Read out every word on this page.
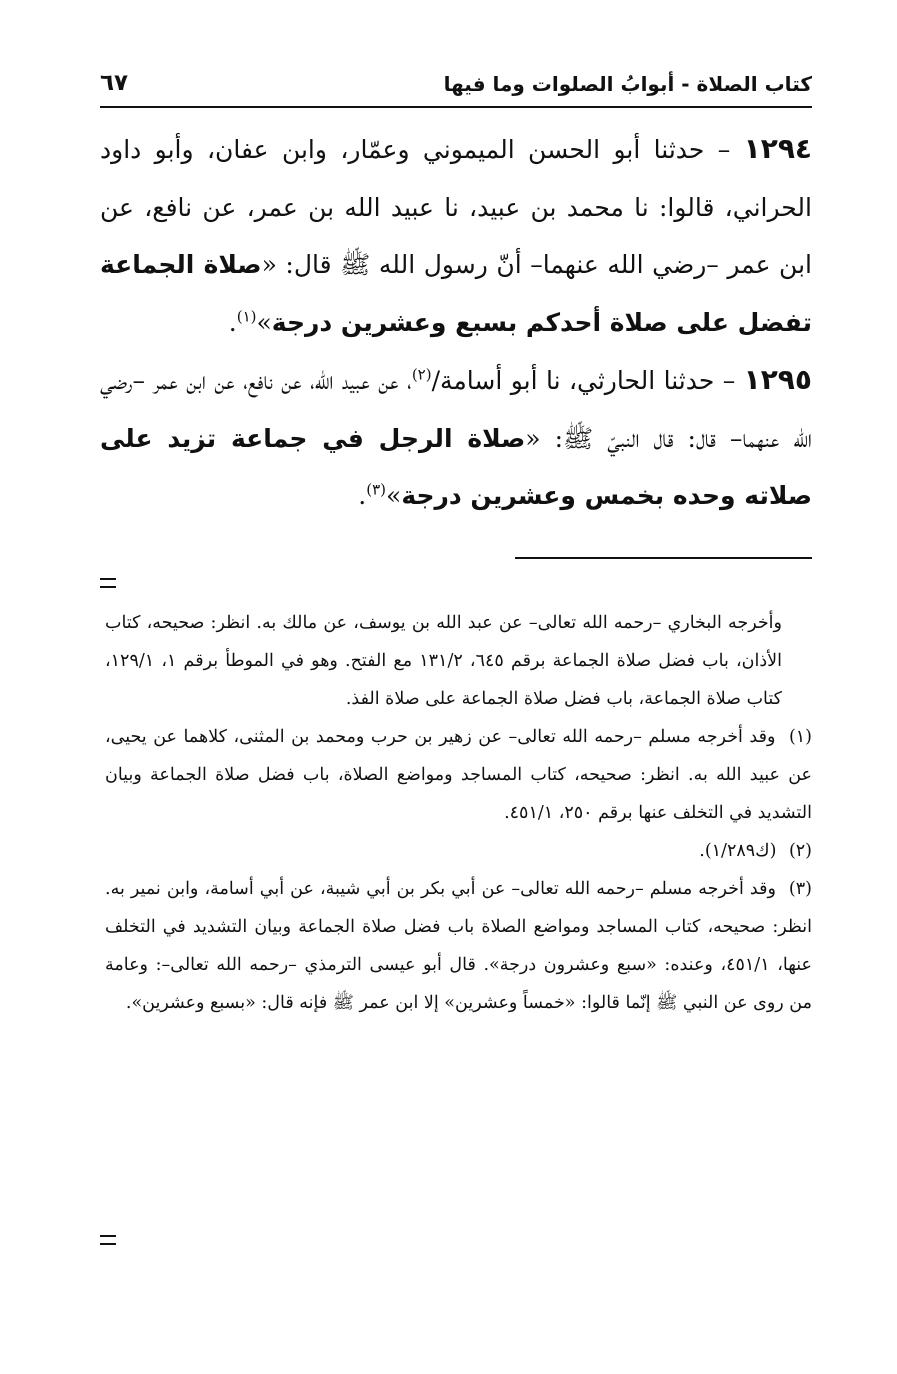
كتاب الصلاة - أبوابُ الصلوات وما فيها
٦٧

١٢٩٤ – حدثنا أبو الحسن الميموني وعمّار، وابن عفان، وأبو داود الحراني، قالوا: نا محمد بن عبيد، نا عبيد الله بن عمر، عن نافع، عن ابن عمر –رضي الله عنهما– أنّ رسول الله ﷺ قال: «صلاة الجماعة تفضل على صلاة أحدكم بسبع وعشرين درجة»$^{(١)}$.

١٢٩٥ – حدثنا الحارثي، نا أبو أسامة/$^{(٢)}$، عن عبيد الله، عن نافع، عن ابن عمر –رضي الله عنهما– قال: قال النبيّ ﷺ: «صلاة الرجل في جماعة تزيد على صلاته وحده بخمس وعشرين درجة»$^{(٣)}$.

وأخرجه البخاري –رحمه الله تعالى– عن عبد الله بن يوسف، عن مالك به. انظر: صحيحه، كتاب الأذان، باب فضل صلاة الجماعة برقم ٦٤٥، ١٣١/٢ مع الفتح. وهو في الموطأ برقم ١، ١٢٩/١، كتاب صلاة الجماعة، باب فضل صلاة الجماعة على صلاة الفذ.

(١) وقد أخرجه مسلم –رحمه الله تعالى– عن زهير بن حرب ومحمد بن المثنى، كلاهما عن يحيى، عن عبيد الله به. انظر: صحيحه، كتاب المساجد ومواضع الصلاة، باب فضل صلاة الجماعة وبيان التشديد في التخلف عنها برقم ٢٥٠، ٤٥١/١.

(٢) (ك١/٢٨٩).

(٣) وقد أخرجه مسلم –رحمه الله تعالى– عن أبي بكر بن أبي شيبة، عن أبي أسامة، وابن نمير به. انظر: صحيحه، كتاب المساجد ومواضع الصلاة باب فضل صلاة الجماعة وبيان التشديد في التخلف عنها، ٤٥١/١، وعنده: «سبع وعشرون درجة». قال أبو عيسى الترمذي –رحمه الله تعالى–: وعامة من روى عن النبي ﷺ إنّما قالوا: «خمساً وعشرين» إلا ابن عمر ﷺ فإنه قال: «بسبع وعشرين».
